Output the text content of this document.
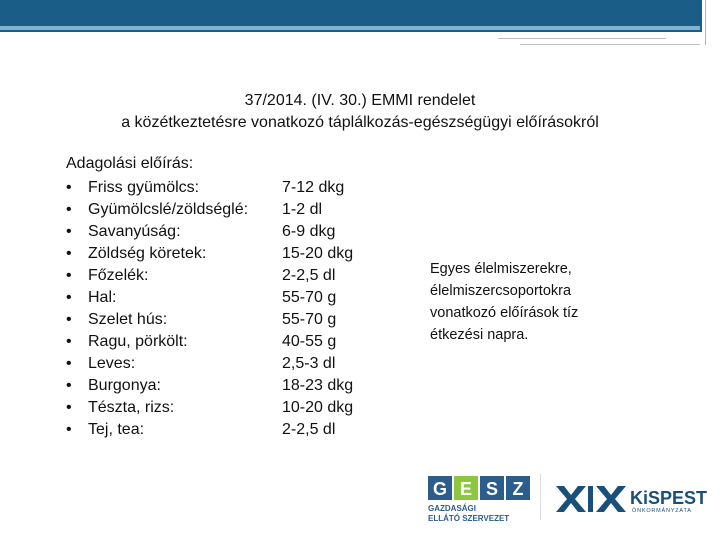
37/2014. (IV. 30.) EMMI rendelet
a közétkeztetésre vonatkozó táplálkozás-egészségügyi előírásokról
Adagolási előírás:
•	Friss gyümölcs:	7-12 dkg
•	Gyümölcslé/zöldséglé: 1-2 dl
•	Savanyúság:	6-9 dkg
•	Zöldség köretek:	15-20 dkg
•	Főzelék:	2-2,5 dl
•	Hal:	55-70 g
•	Szelet hús:	55-70 g
•	Ragu, pörkölt:	40-55 g
•	Leves:	2,5-3 dl
•	Burgonya:	18-23 dkg
•	Tészta, rizs:	10-20 dkg
•	Tej, tea:	2-2,5 dl
Egyes élelmiszerekre, élelmiszercsoportokra vonatkozó előírások tíz étkezési napra.
G E S Z
GAZDASÁGI
ELLÁTÓ SZERVEZET
KiSPEST
ÖNKORMÁNYZATA
